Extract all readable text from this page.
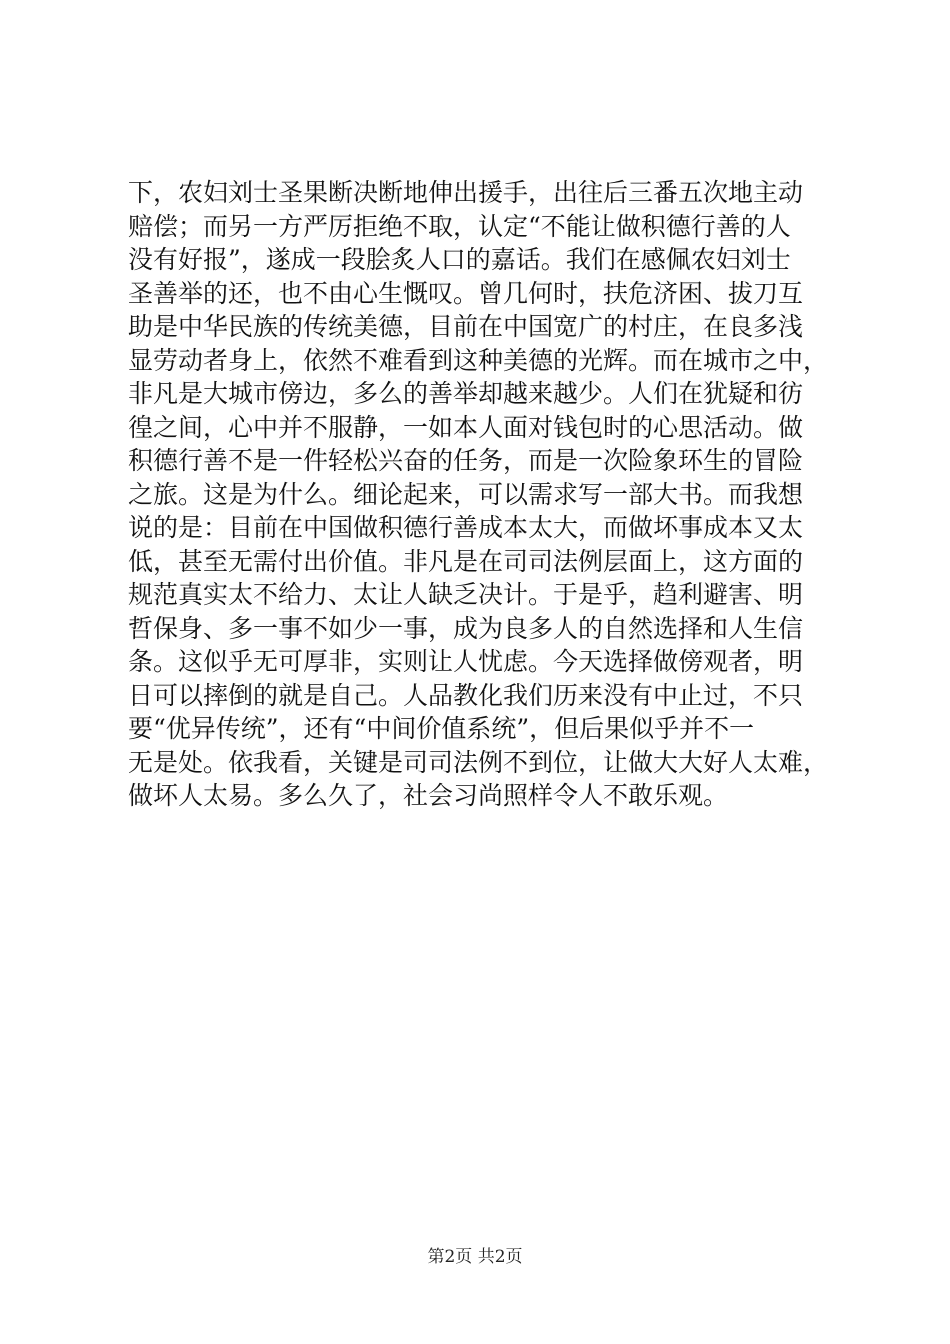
下，农妇刘士圣果断决断地伸出援手，出往后三番五次地主动
赔偿；而另一方严厉拒绝不取，认定“不能让做积德行善的人
没有好报”，遂成一段脍炙人口的嘉话。我们在感佩农妇刘士
圣善举的还，也不由心生慨叹。曾几何时，扶危济困、拔刀互
助是中华民族的传统美德，目前在中国宽广的村庄，在良多浅
显劳动者身上，依然不难看到这种美德的光辉。而在城市之中，
非凡是大城市傍边，多么的善举却越来越少。人们在犹疑和彷
徨之间，心中并不服静，一如本人面对钱包时的心思活动。做
积德行善不是一件轻松兴奋的任务，而是一次险象环生的冒险
之旅。这是为什么。细论起来，可以需求写一部大书。而我想
说的是：目前在中国做积德行善成本太大，而做坏事成本又太
低，甚至无需付出价值。非凡是在司司法例层面上，这方面的
规范真实太不给力、太让人缺乏决计。于是乎，趋利避害、明
哲保身、多一事不如少一事，成为良多人的自然选择和人生信
条。这似乎无可厚非，实则让人忧虑。今天选择做傍观者，明
日可以摔倒的就是自己。人品教化我们历来没有中止过，不只
要“优异传统”，还有“中间价值系统”，但后果似乎并不一
无是处。依我看，关键是司司法例不到位，让做大大好人太难，
做坏人太易。多么久了，社会习尚照样令人不敢乐观。
第2页 共2页
